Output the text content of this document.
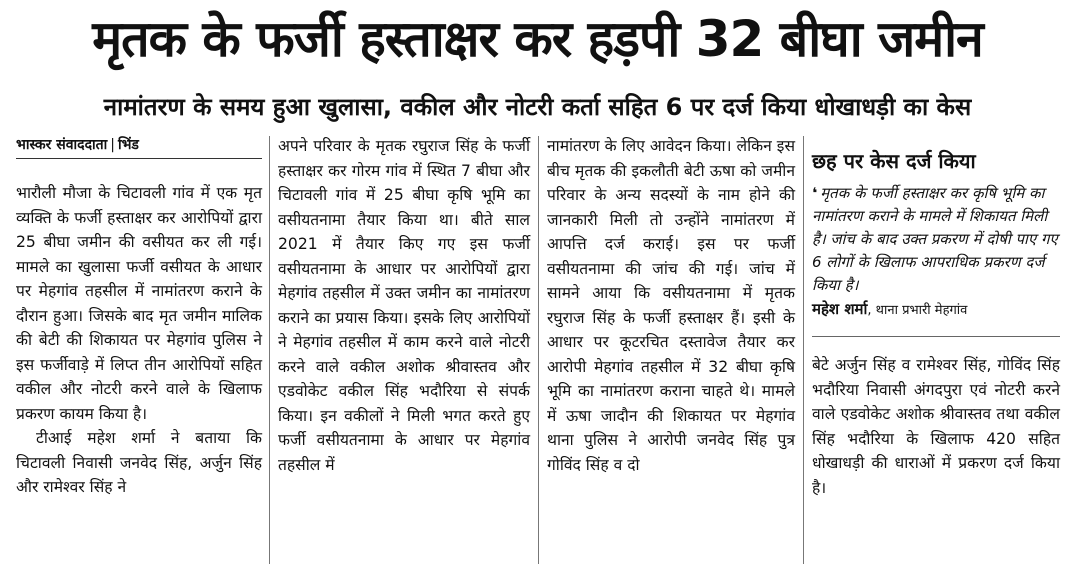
मृतक के फर्जी हस्ताक्षर कर हड़पी 32 बीघा जमीन
नामांतरण के समय हुआ खुलासा, वकील और नोटरी कर्ता सहित 6 पर दर्ज किया धोखाधड़ी का केस
भास्कर संवाददाता | भिंड

भारौली मौजा के चिटावली गांव में एक मृत व्यक्ति के फर्जी हस्ताक्षर कर आरोपियों द्वारा 25 बीघा जमीन की वसीयत कर ली गई। मामले का खुलासा फर्जी वसीयत के आधार पर मेहगांव तहसील में नामांतरण कराने के दौरान हुआ। जिसके बाद मृत जमीन मालिक की बेटी की शिकायत पर मेहगांव पुलिस ने इस फर्जीवाड़े में लिप्त तीन आरोपियों सहित वकील और नोटरी करने वाले के खिलाफ प्रकरण कायम किया है।

टीआई महेश शर्मा ने बताया कि चिटावली निवासी जनवेद सिंह, अर्जुन सिंह और रामेश्वर सिंह ने

अपने परिवार के मृतक रघुराज सिंह के फर्जी हस्ताक्षर कर गोरम गांव में स्थित 7 बीघा और चिटावली गांव में 25 बीघा कृषि भूमि का वसीयतनामा तैयार किया था। बीते साल 2021 में तैयार किए गए इस फर्जी वसीयतनामा के आधार पर आरोपियों द्वारा मेहगांव तहसील में उक्त जमीन का नामांतरण कराने का प्रयास किया। इसके लिए आरोपियों ने मेहगांव तहसील में काम करने वाले नोटरी करने वाले वकील अशोक श्रीवास्तव और एडवोकेट वकील सिंह भदौरिया से संपर्क किया। इन वकीलों ने मिली भगत करते हुए फर्जी वसीयतनामा के आधार पर मेहगांव तहसील में

नामांतरण के लिए आवेदन किया। लेकिन इस बीच मृतक की इकलौती बेटी ऊषा को जमीन परिवार के अन्य सदस्यों के नाम होने की जानकारी मिली तो उन्होंने नामांतरण में आपत्ति दर्ज कराई। इस पर फर्जी वसीयतनामा की जांच की गई। जांच में सामने आया कि वसीयतनामा में मृतक रघुराज सिंह के फर्जी हस्ताक्षर हैं। इसी के आधार पर कूटरचित दस्तावेज तैयार कर आरोपी मेहगांव तहसील में 32 बीघा कृषि भूमि का नामांतरण कराना चाहते थे। मामले में ऊषा जादौन की शिकायत पर मेहगांव थाना पुलिस ने आरोपी जनवेद सिंह पुत्र गोविंद सिंह व दो

छह पर केस दर्ज किया
❛ मृतक के फर्जी हस्ताक्षर कर कृषि भूमि का नामांतरण कराने के मामले में शिकायत मिली है। जांच के बाद उक्त प्रकरण में दोषी पाए गए 6 लोगों के खिलाफ आपराधिक प्रकरण दर्ज किया है।
महेश शर्मा, थाना प्रभारी मेहगांव

बेटे अर्जुन सिंह व रामेश्वर सिंह, गोविंद सिंह भदौरिया निवासी अंगदपुरा एवं नोटरी करने वाले एडवोकेट अशोक श्रीवास्तव तथा वकील सिंह भदौरिया के खिलाफ 420 सहित धोखाधड़ी की धाराओं में प्रकरण दर्ज किया है।
